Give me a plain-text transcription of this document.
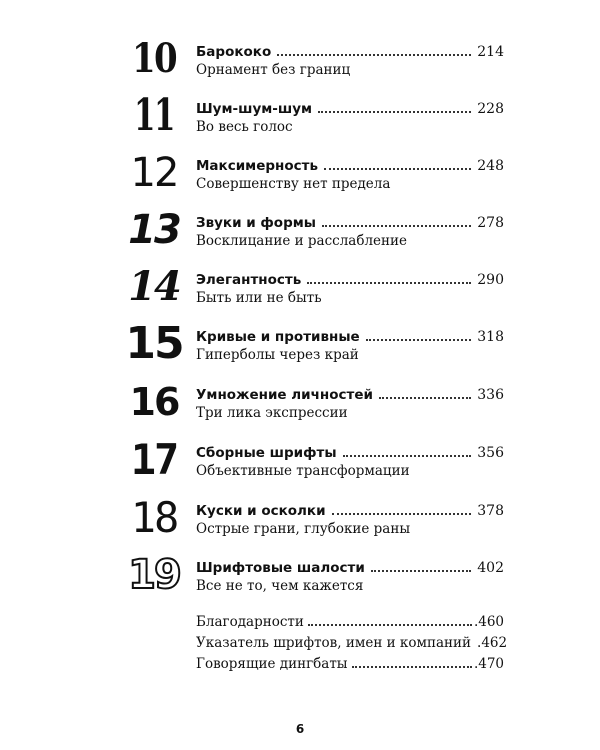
10 Барококо	214
Орнамент без границ
11 Шум-шум-шум	228
Во весь голос
12	Максимерность	248
Совершенству нет предела
13	Звуки и формы	278
Восклицание и расслабление
14	Элегантность	290
Быть или не быть
15 Кривые и противные	318
Гиперболы через край
16	Умножение личностей	336
Три лика экспрессии
17	Сборные шрифты	356
Объективные трансформации
18	Куски и осколки	378
Острые грани, глубокие раны
19	Шрифтовые шалости	402
Все не то, чем кажется
Благодарности	.460
Указатель шрифтов, имен и компаний .462
Говорящие дингбаты	.470
6
